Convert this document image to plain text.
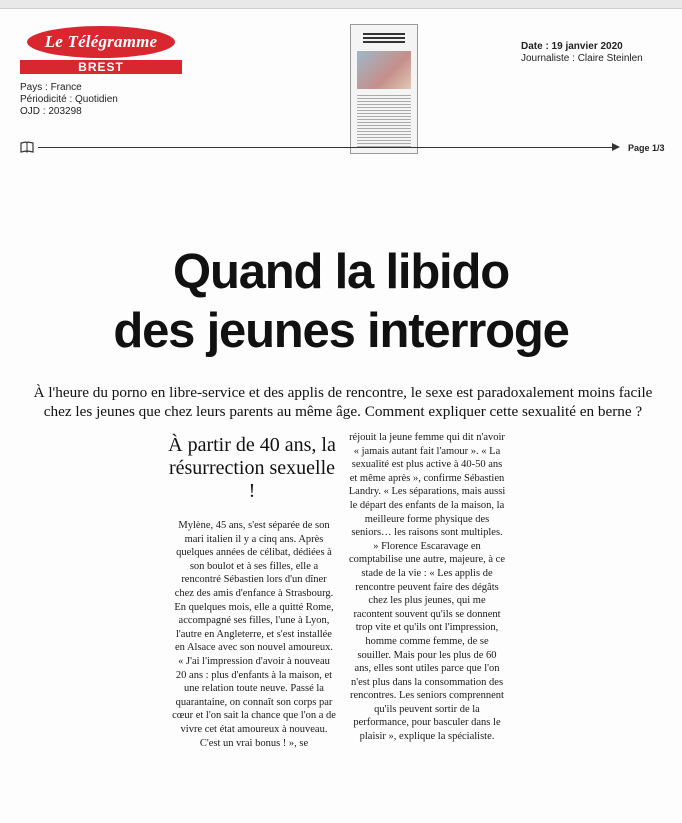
Le Télégramme
BREST
Pays : France
Périodicité : Quotidien
OJD : 203298
Date : 19 janvier 2020
Journaliste : Claire Steinlen
Page 1/3
Quand la libido
des jeunes interroge
À l'heure du porno en libre-service et des applis de rencontre, le sexe est paradoxalement moins facile chez les jeunes que chez leurs parents au même âge. Comment expliquer cette sexualité en berne ?
À partir de 40 ans, la résurrection sexuelle !
Mylène, 45 ans, s'est séparée de son mari italien il y a cinq ans. Après quelques années de célibat, dédiées à son boulot et à ses filles, elle a rencontré Sébastien lors d'un dîner chez des amis d'enfance à Strasbourg. En quelques mois, elle a quitté Rome, accompagné ses filles, l'une à Lyon, l'autre en Angleterre, et s'est installée en Alsace avec son nouvel amoureux. « J'ai l'impression d'avoir à nouveau 20 ans : plus d'enfants à la maison, et une relation toute neuve. Passé la quarantaine, on connaît son corps par cœur et l'on sait la chance que l'on a de vivre cet état amoureux à nouveau. C'est un vrai bonus ! », se
réjouit la jeune femme qui dit n'avoir « jamais autant fait l'amour ». « La sexualité est plus active à 40-50 ans et même après », confirme Sébastien Landry. « Les séparations, mais aussi le départ des enfants de la maison, la meilleure forme physique des seniors… les raisons sont multiples. » Florence Escaravage en comptabilise une autre, majeure, à ce stade de la vie : « Les applis de rencontre peuvent faire des dégâts chez les plus jeunes, qui me racontent souvent qu'ils se donnent trop vite et qu'ils ont l'impression, homme comme femme, de se souiller. Mais pour les plus de 60 ans, elles sont utiles parce que l'on n'est plus dans la consommation des rencontres. Les seniors comprennent qu'ils peuvent sortir de la performance, pour basculer dans le plaisir », explique la spécialiste.
